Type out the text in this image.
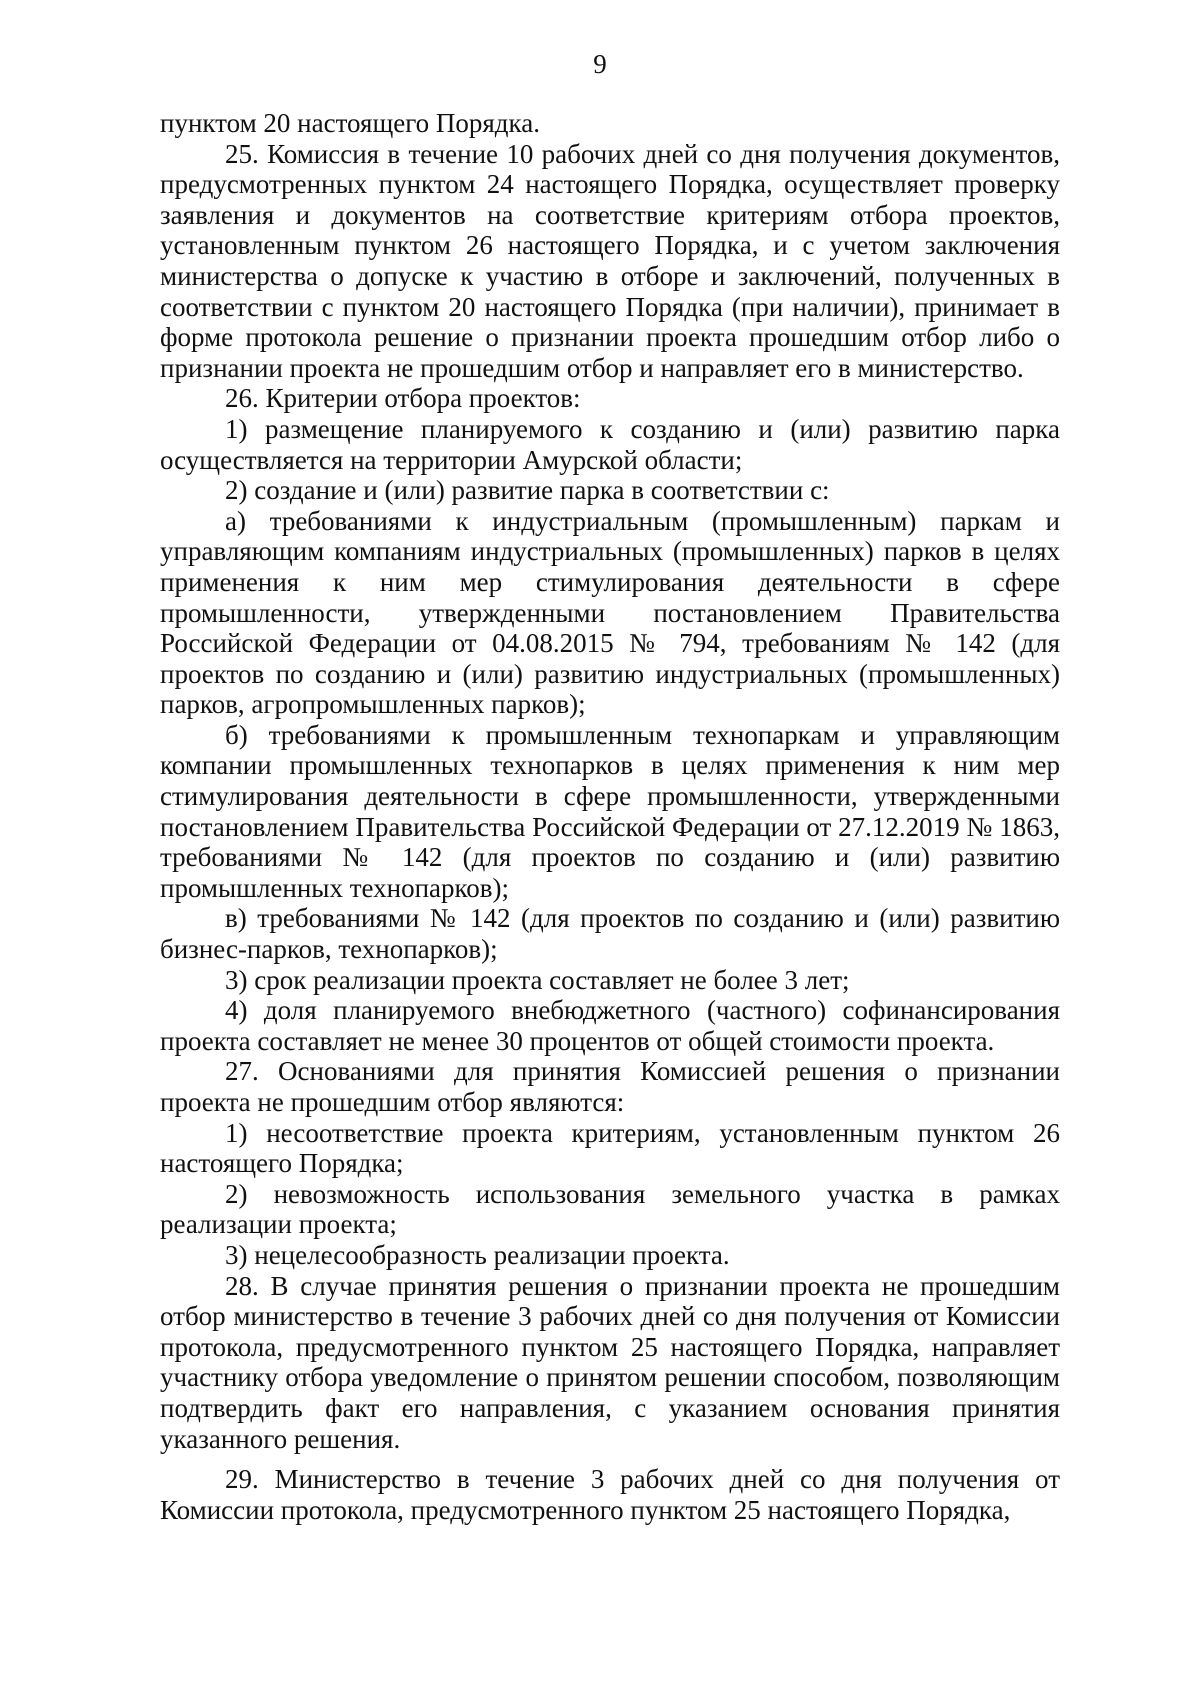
9

пунктом 20 настоящего Порядка.

25. Комиссия в течение 10 рабочих дней со дня получения документов, предусмотренных пунктом 24 настоящего Порядка, осуществляет проверку заявления и документов на соответствие критериям отбора проектов, установленным пунктом 26 настоящего Порядка, и с учетом заключения министерства о допуске к участию в отборе и заключений, полученных в соответствии с пунктом 20 настоящего Порядка (при наличии), принимает в форме протокола решение о признании проекта прошедшим отбор либо о признании проекта не прошедшим отбор и направляет его в министерство.

26. Критерии отбора проектов:

1) размещение планируемого к созданию и (или) развитию парка осуществляется на территории Амурской области;

2) создание и (или) развитие парка в соответствии с:

а) требованиями к индустриальным (промышленным) паркам и управляющим компаниям индустриальных (промышленных) парков в целях применения к ним мер стимулирования деятельности в сфере промышленности, утвержденными постановлением Правительства Российской Федерации от 04.08.2015 № 794, требованиям № 142 (для проектов по созданию и (или) развитию индустриальных (промышленных) парков, агропромышленных парков);

б) требованиями к промышленным технопаркам и управляющим компании промышленных технопарков в целях применения к ним мер стимулирования деятельности в сфере промышленности, утвержденными постановлением Правительства Российской Федерации от 27.12.2019 № 1863, требованиями № 142 (для проектов по созданию и (или) развитию промышленных технопарков);

в) требованиями № 142 (для проектов по созданию и (или) развитию бизнес-парков, технопарков);

3) срок реализации проекта составляет не более 3 лет;

4) доля планируемого внебюджетного (частного) софинансирования проекта составляет не менее 30 процентов от общей стоимости проекта.

27. Основаниями для принятия Комиссией решения о признании проекта не прошедшим отбор являются:

1) несоответствие проекта критериям, установленным пунктом 26 настоящего Порядка;

2) невозможность использования земельного участка в рамках реализации проекта;

3) нецелесообразность реализации проекта.

28. В случае принятия решения о признании проекта не прошедшим отбор министерство в течение 3 рабочих дней со дня получения от Комиссии протокола, предусмотренного пунктом 25 настоящего Порядка, направляет участнику отбора уведомление о принятом решении способом, позволяющим подтвердить факт его направления, с указанием основания принятия указанного решения.

29. Министерство в течение 3 рабочих дней со дня получения от Комиссии протокола, предусмотренного пунктом 25 настоящего Порядка,
